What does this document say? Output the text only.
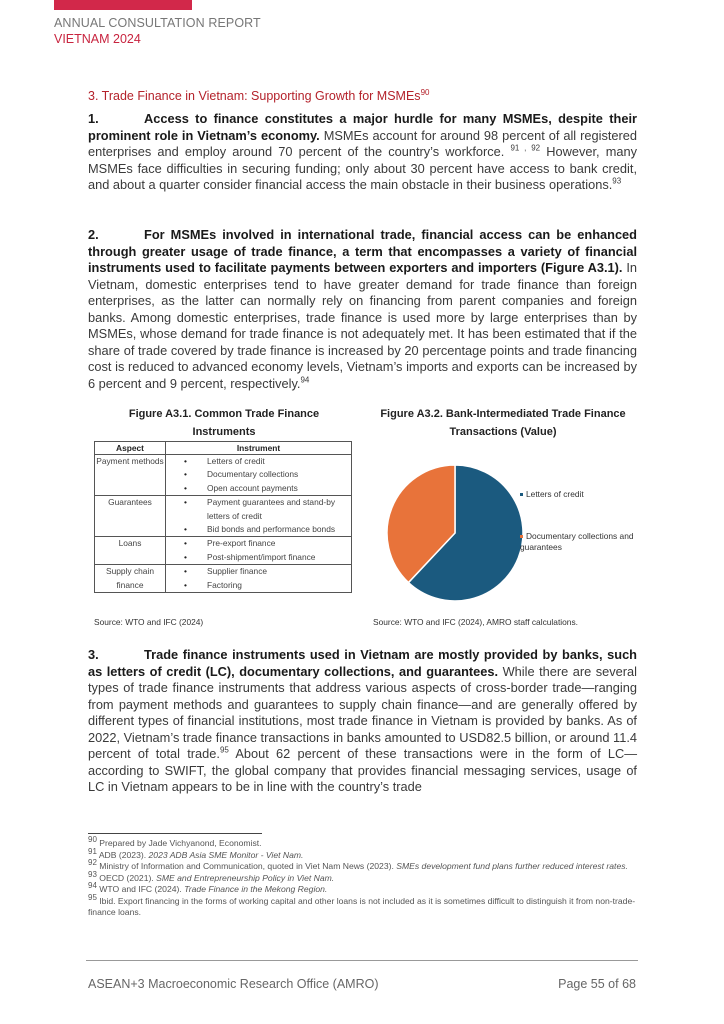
ANNUAL CONSULTATION REPORT
VIETNAM 2024
3. Trade Finance in Vietnam: Supporting Growth for MSMEs$^{90}$
1.	Access to finance constitutes a major hurdle for many MSMEs, despite their prominent role in Vietnam’s economy. MSMEs account for around 98 percent of all registered enterprises and employ around 70 percent of the country’s workforce. $^{91 , 92}$ However, many MSMEs face difficulties in securing funding; only about 30 percent have access to bank credit, and about a quarter consider financial access the main obstacle in their business operations.$^{93}$
2.	For MSMEs involved in international trade, financial access can be enhanced through greater usage of trade finance, a term that encompasses a variety of financial instruments used to facilitate payments between exporters and importers (Figure A3.1). In Vietnam, domestic enterprises tend to have greater demand for trade finance than foreign enterprises, as the latter can normally rely on financing from parent companies and foreign banks. Among domestic enterprises, trade finance is used more by large enterprises than by MSMEs, whose demand for trade finance is not adequately met. It has been estimated that if the share of trade covered by trade finance is increased by 20 percentage points and trade financing cost is reduced to advanced economy levels, Vietnam’s imports and exports can be increased by 6 percent and 9 percent, respectively.$^{94}$
Figure A3.1. Common Trade Finance Instruments
Aspect	Instrument
Payment methods	
•Letters of credit
• Documentary collections
• Open account payments

Guarantees	
•Payment guarantees and stand-by letters of credit
• Bid bonds and performance bonds

Loans	
•Pre-export finance
• Post-shipment/import finance

Supply chain finance	
• Supplier finance
• Factoring
Source: WTO and IFC (2024)
Figure A3.2. Bank-Intermediated Trade Finance Transactions (Value)
Letters of credit
Documentary collections and guarantees
Source: WTO and IFC (2024), AMRO staff calculations.
3.	Trade finance instruments used in Vietnam are mostly provided by banks, such as letters of credit (LC), documentary collections, and guarantees. While there are several types of trade finance instruments that address various aspects of cross-border trade—ranging from payment methods and guarantees to supply chain finance—and are generally offered by different types of financial institutions, most trade finance in Vietnam is provided by banks. As of 2022, Vietnam’s trade finance transactions in banks amounted to USD82.5 billion, or around 11.4 percent of total trade.$^{95}$ About 62 percent of these transactions were in the form of LC—according to SWIFT, the global company that provides financial messaging services, usage of LC in Vietnam appears to be in line with the country’s trade
$^{90}$ Prepared by Jade Vichyanond, Economist.
$^{91}$ ADB (2023). 2023 ADB Asia SME Monitor - Viet Nam.
$^{92}$ Ministry of Information and Communication, quoted in Viet Nam News (2023). SMEs development fund plans further reduced interest rates.
$^{93}$ OECD (2021). SME and Entrepreneurship Policy in Viet Nam.
$^{94}$ WTO and IFC (2024). Trade Finance in the Mekong Region.
$^{95}$ Ibid. Export financing in the forms of working capital and other loans is not included as it is sometimes difficult to distinguish it from non-trade-finance loans.
ASEAN+3 Macroeconomic Research Office (AMRO)	Page 55 of 68
